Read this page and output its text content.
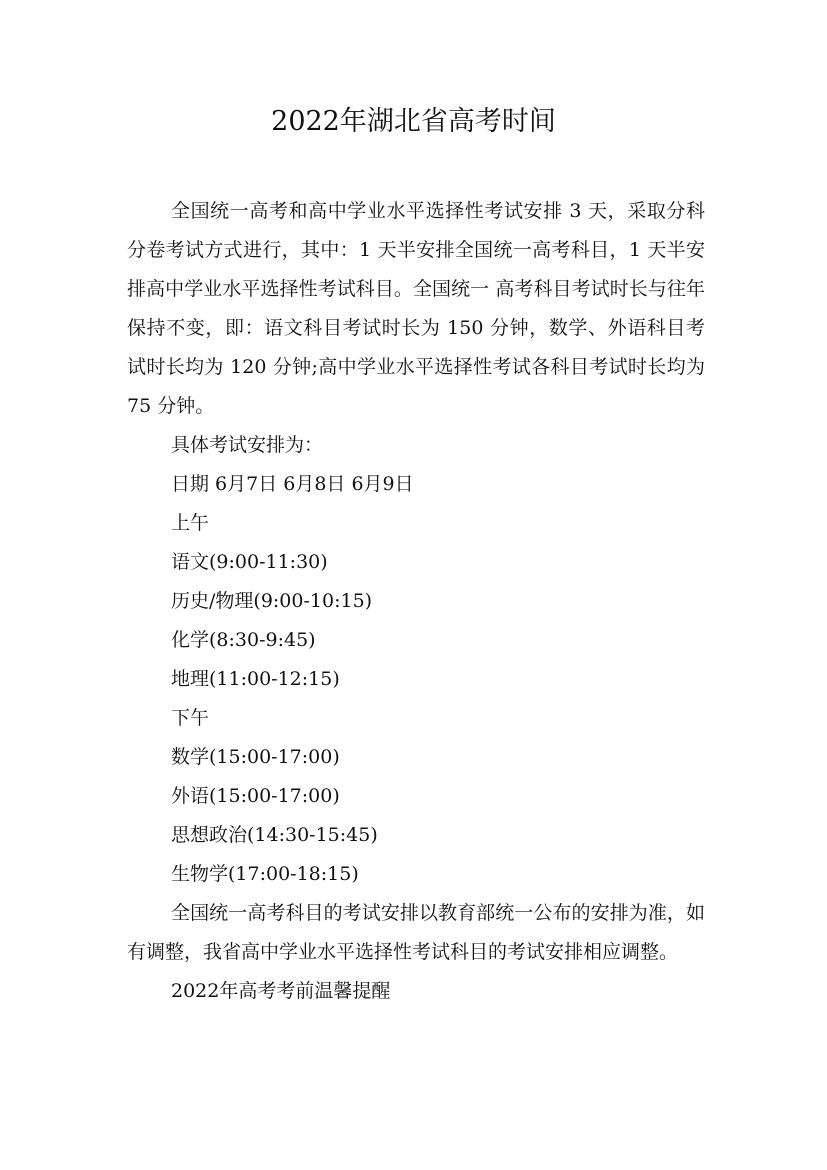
2022年湖北省高考时间

全国统一高考和高中学业水平选择性考试安排 3 天，采取分科分卷考试方式进行，其中：1 天半安排全国统一高考科目，1 天半安排高中学业水平选择性考试科目。全国统一 高考科目考试时长与往年保持不变，即：语文科目考试时长为 150 分钟，数学、外语科目考试时长均为 120 分钟;高中学业水平选择性考试各科目考试时长均为 75 分钟。

具体考试安排为：

日期 6月7日 6月8日 6月9日

上午

语文(9:00-11:30)

历史/物理(9:00-10:15)

化学(8:30-9:45)

地理(11:00-12:15)

下午

数学(15:00-17:00)

外语(15:00-17:00)

思想政治(14:30-15:45)

生物学(17:00-18:15)

全国统一高考科目的考试安排以教育部统一公布的安排为准，如有调整，我省高中学业水平选择性考试科目的考试安排相应调整。

2022年高考考前温馨提醒
